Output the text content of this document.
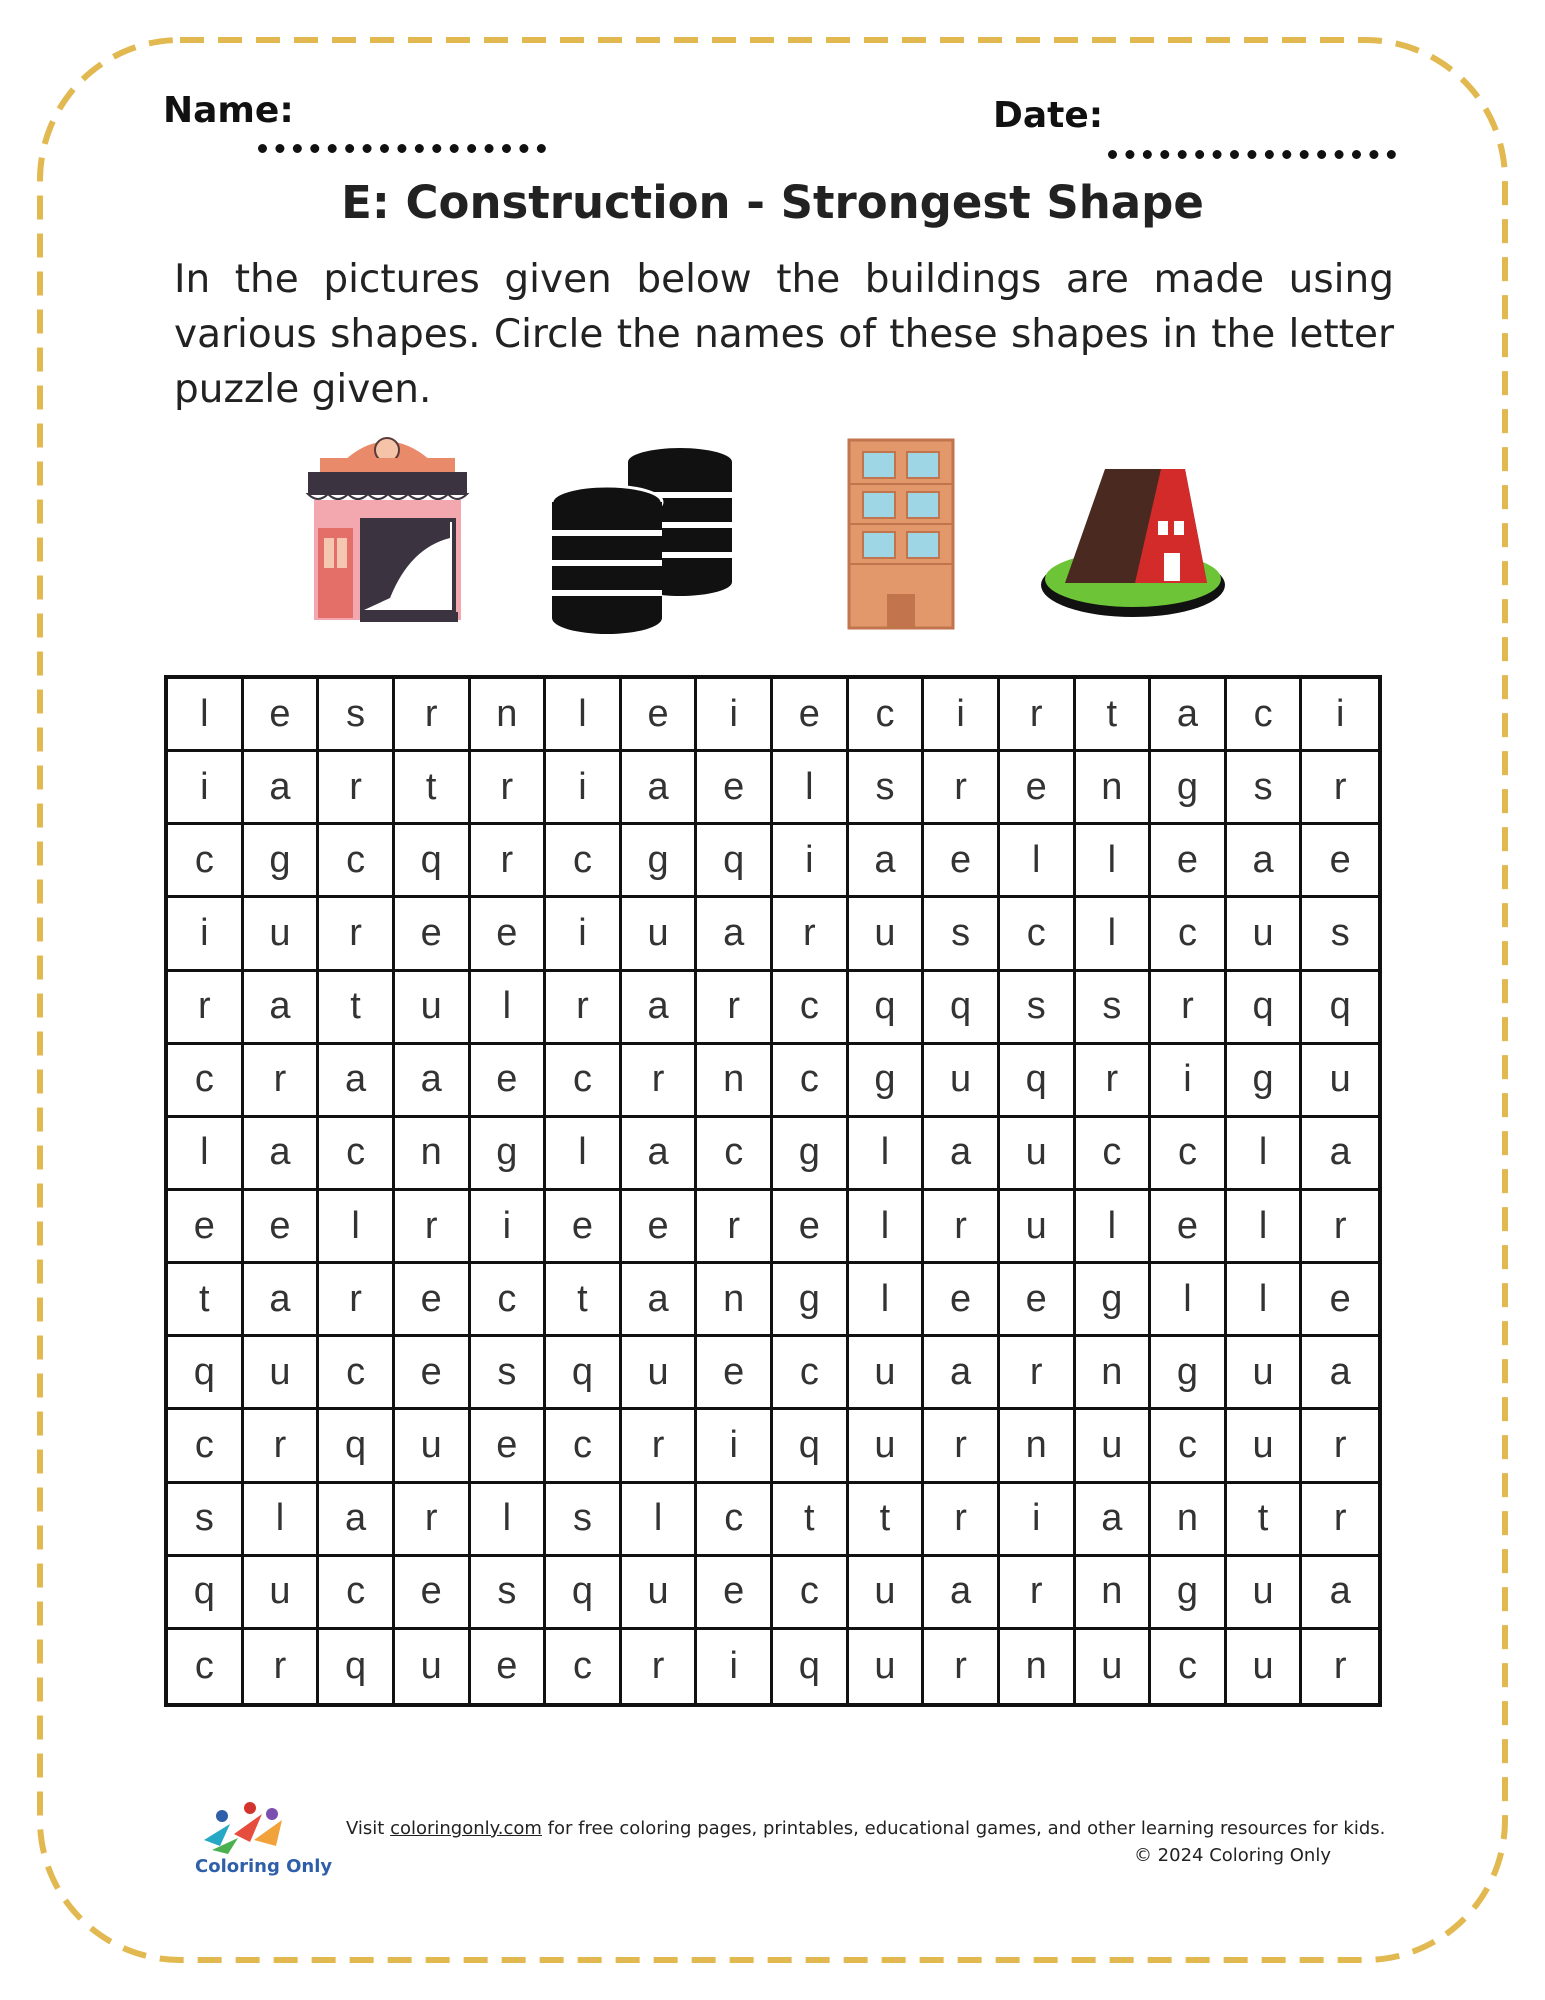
Name:	Date:
E: Construction - Strongest Shape
In the pictures given below the buildings are made using various shapes. Circle the names of these shapes in the letter puzzle given.
l	e	s	r	n	l	e	i	e	c	i	r	t	a	c	i
i	a	r	t	r	i	a	e	l	s	r	e	n	g	s	r
c	g	c	q	r	c	g	q	i	a	e	l	l	e	a	e
i	u	r	e	e	i	u	a	r	u	s	c	l	c	u	s
r	a	t	u	l	r	a	r	c	q	q	s	s	r	q	q
c	r	a	a	e	c	r	n	c	g	u	q	r	i	g	u
l	a	c	n	g	l	a	c	g	l	a	u	c	c	l	a
e	e	l	r	i	e	e	r	e	l	r	u	l	e	l	r
t	a	r	e	c	t	a	n	g	l	e	e	g	l	l	e
q	u	c	e	s	q	u	e	c	u	a	r	n	g	u	a
c	r	q	u	e	c	r	i	q	u	r	n	u	c	u	r
s	l	a	r	l	s	l	c	t	t	r	i	a	n	t	r
q	u	c	e	s	q	u	e	c	u	a	r	n	g	u	a
c	r	q	u	e	c	r	i	q	u	r	n	u	c	u	r
Coloring Only
Visit coloringonly.com for free coloring pages, printables, educational games, and other learning resources for kids.
© 2024 Coloring Only
